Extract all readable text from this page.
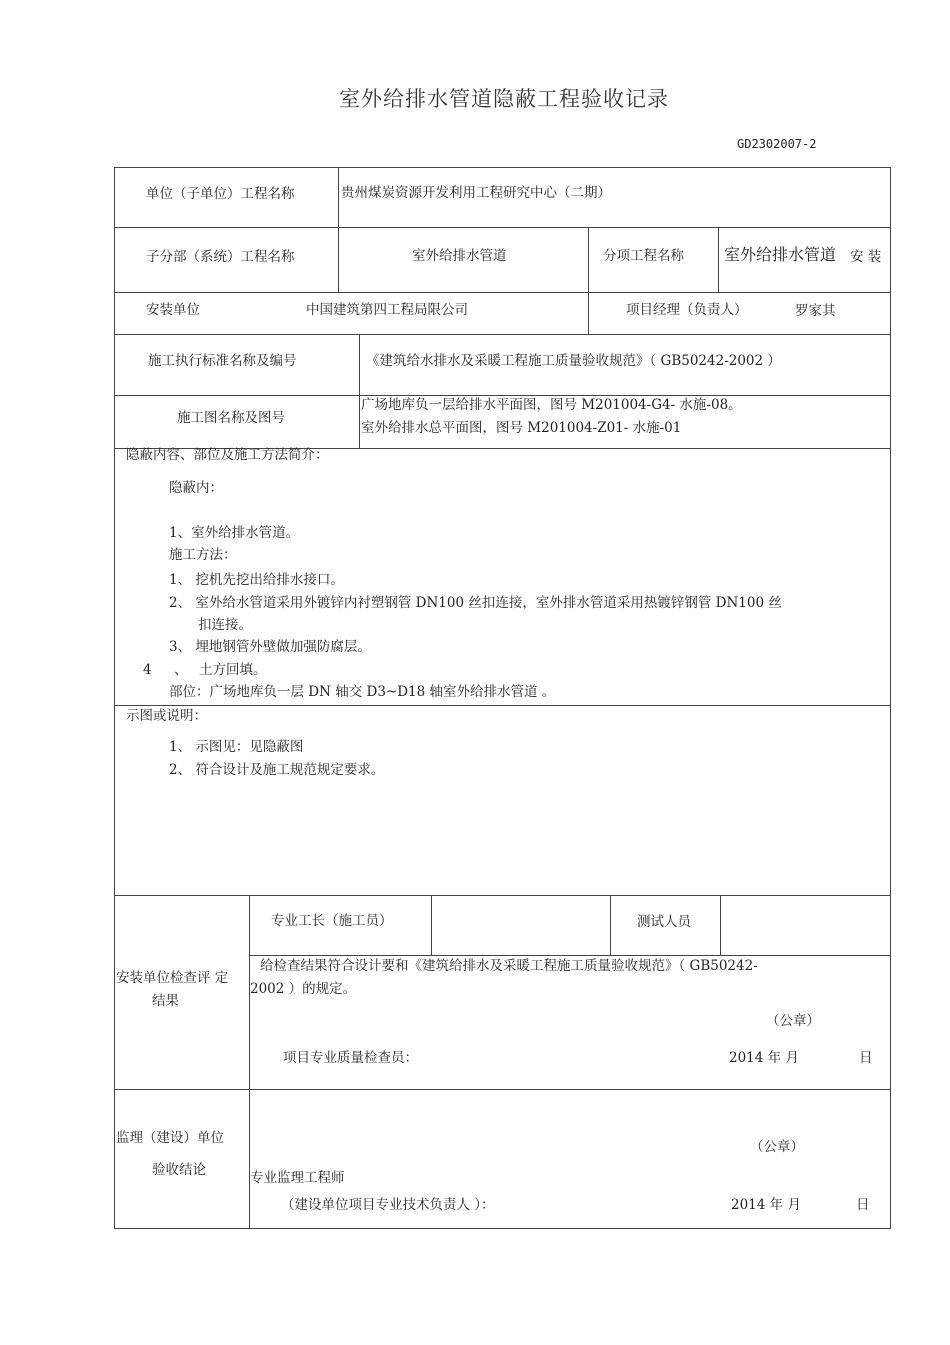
室外给排水管道隐蔽工程验收记录
GD2302007-2
单位（子单位）工程名称	贵州煤炭资源开发利用工程研究中心（二期）
子分部（系统）工程名称	室外给排水管道	分项工程名称	室外给排水管道 安 装
安装单位	中国建筑第四工程局限公司	项目经理（负责人）	罗家其
施工执行标准名称及编号	《建筑给水排水及采暖工程施工质量验收规范》（ GB50242-2002 ）
施工图名称及图号
广场地库负一层给排水平面图，图号 M201004-G4- 水施-08。
室外给排水总平面图，图号 M201004-Z01- 水施-01
隐蔽内容、部位及施工方法简介：
隐蔽内：
1、室外给排水管道。
施工方法：
1、 挖机先挖出给排水接口。
2、 室外给水管道采用外镀锌内衬塑钢管 DN100 丝扣连接，室外排水管道采用热镀锌钢管 DN100 丝
扣连接。
3、 埋地钢管外壁做加强防腐层。
4 、 土方回填。
部位：广场地库负一层 DN 轴交 D3~D18 轴室外给排水管道 。
示图或说明：
1、 示图见：见隐蔽图
2、 符合设计及施工规范规定要求。
安装单位检查评 定
结果
专业工长（施工员）	测试人员
给检查结果符合设计要和《建筑给排水及采暖工程施工质量验收规范》（ GB50242-
2002 ）的规定。
（公章）
项目专业质量检查员：	2014 年 月	日
监理（建设）单位
验收结论
（公章）
专业监理工程师
（建设单位项目专业技术负责人 ）：	2014 年 月	日
